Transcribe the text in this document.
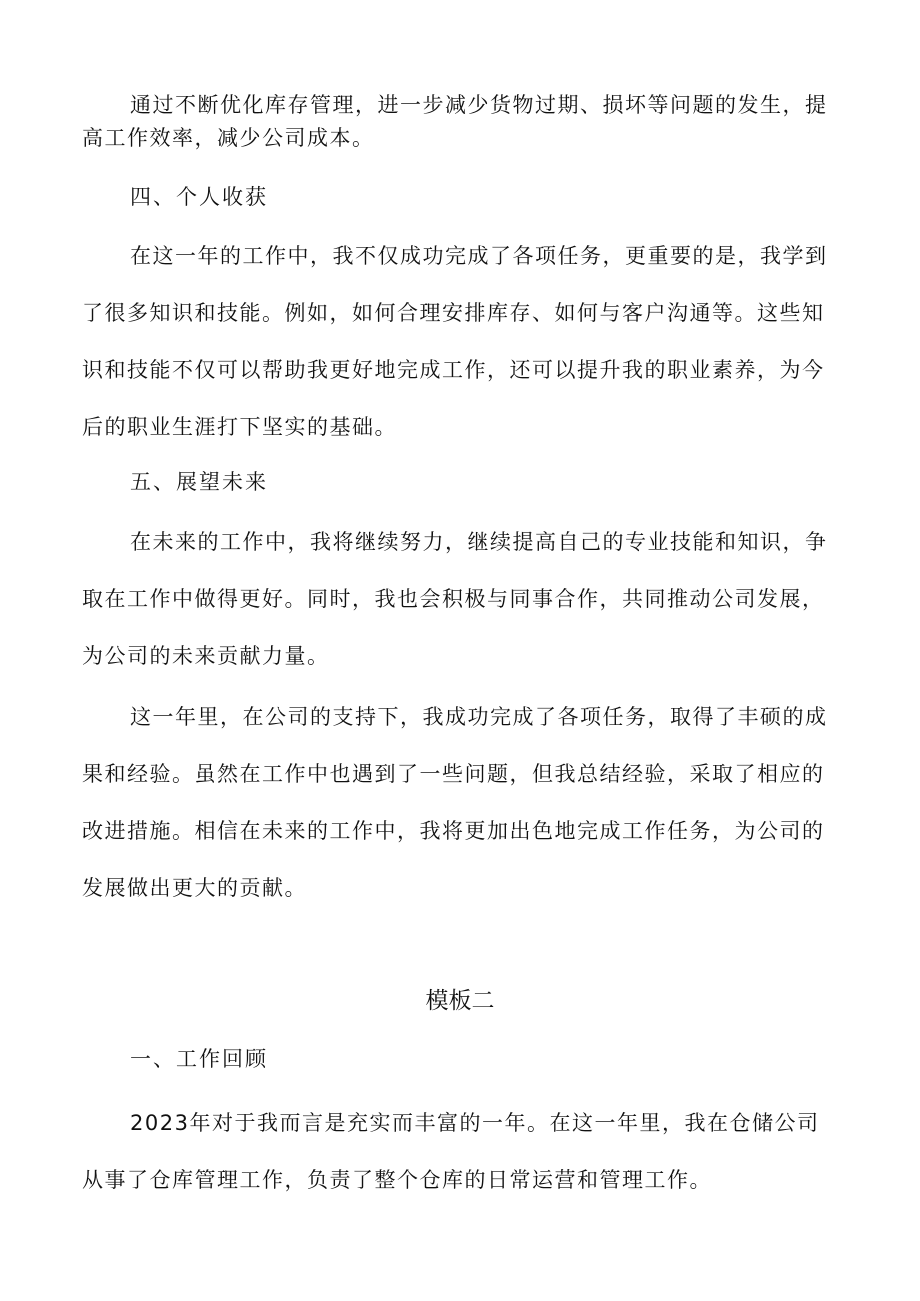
通过不断优化库存管理，进一步减少货物过期、损坏等问题的发生，提高工作效率，减少公司成本。

四、个人收获

在这一年的工作中，我不仅成功完成了各项任务，更重要的是，我学到了很多知识和技能。例如，如何合理安排库存、如何与客户沟通等。这些知识和技能不仅可以帮助我更好地完成工作，还可以提升我的职业素养，为今后的职业生涯打下坚实的基础。

五、展望未来

在未来的工作中，我将继续努力，继续提高自己的专业技能和知识，争取在工作中做得更好。同时，我也会积极与同事合作，共同推动公司发展，为公司的未来贡献力量。

这一年里，在公司的支持下，我成功完成了各项任务，取得了丰硕的成果和经验。虽然在工作中也遇到了一些问题，但我总结经验，采取了相应的改进措施。相信在未来的工作中，我将更加出色地完成工作任务，为公司的发展做出更大的贡献。

模板二

一、工作回顾

2023年对于我而言是充实而丰富的一年。在这一年里，我在仓储公司从事了仓库管理工作，负责了整个仓库的日常运营和管理工作。
